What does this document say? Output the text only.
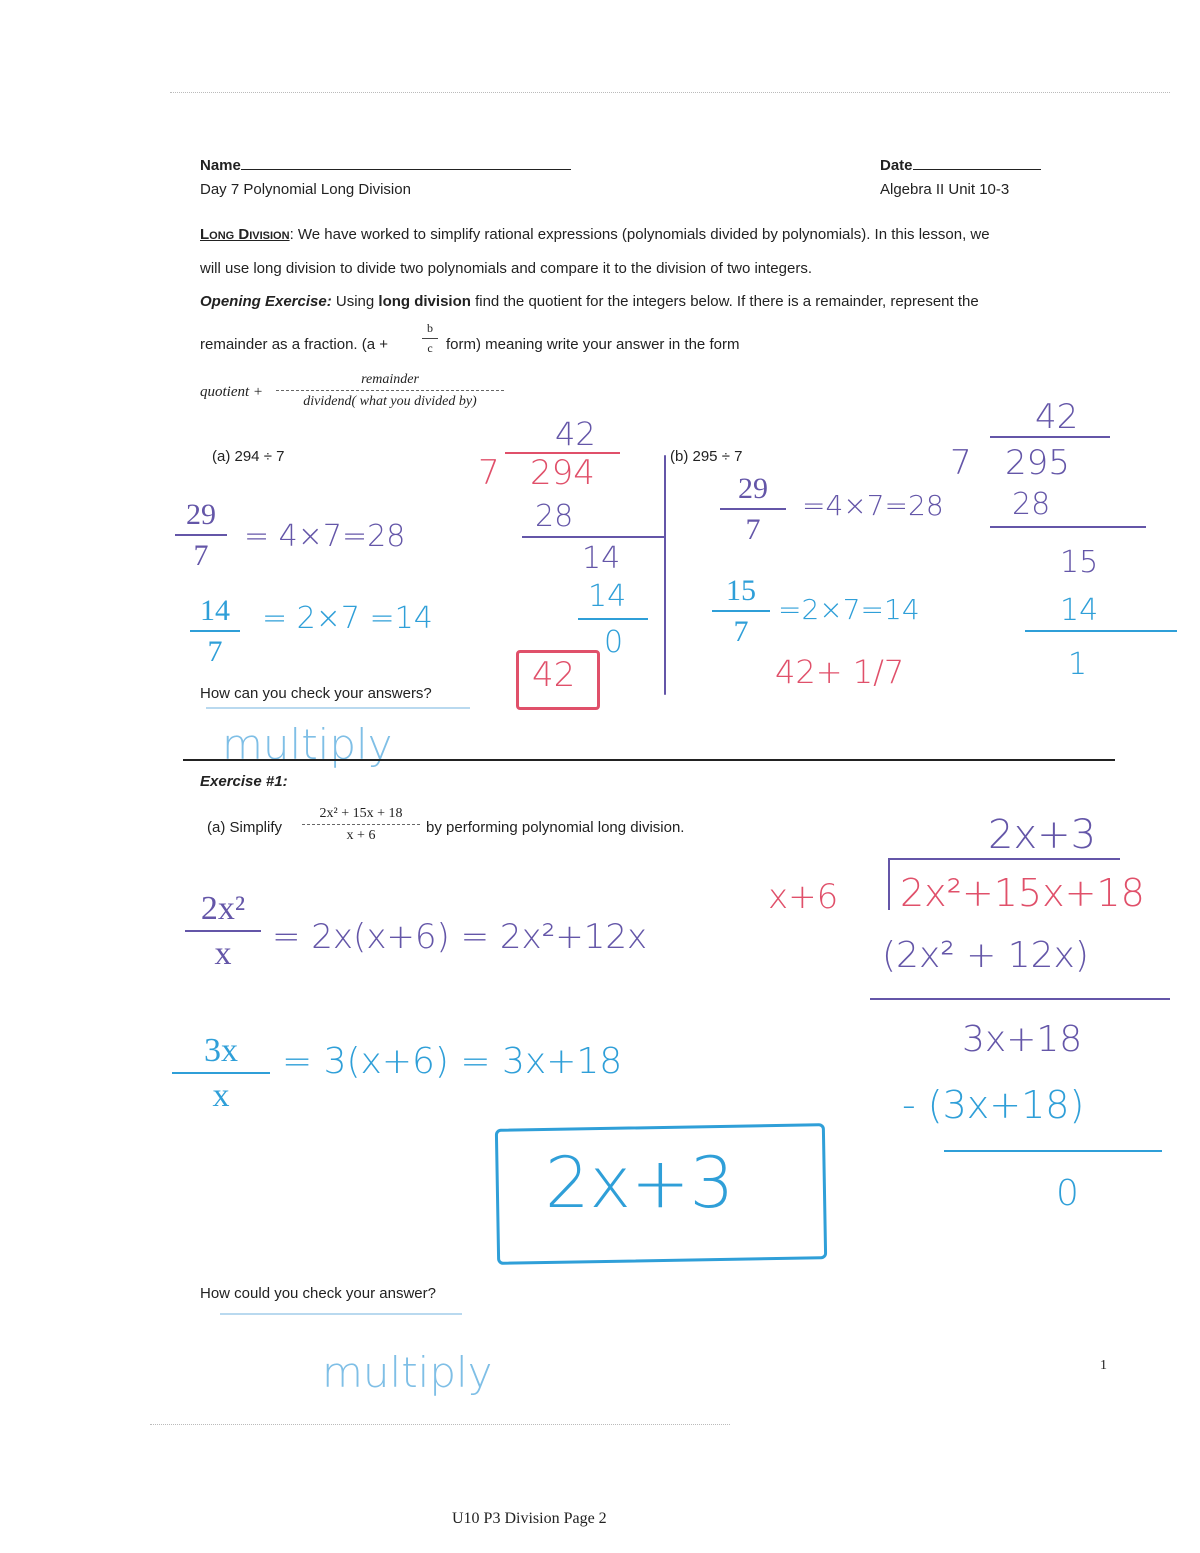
Name
Day 7 Polynomial Long Division
Date
Algebra II Unit 10-3
Long Division: We have worked to simplify rational expressions (polynomials divided by polynomials). In this lesson, we
will use long division to divide two polynomials and compare it to the division of two integers.
Opening Exercise: Using long division find the quotient for the integers below. If there is a remainder, represent the
remainder as a fraction. (a +
b
c form) meaning write your answer in the form
quotient +
remainder
dividend( what you divided by)
(a) 294 ÷ 7
42
7 294
28
14
14
0
42
29
7
= 4×7=28
14
7
= 2×7 =14
How can you check your answers?
multiply
(b) 295 ÷ 7
42
7 295
28
15
14
1
29
7
=4×7=28
15
7
=2×7=14
42+ 1/7
Exercise #1:
(a) Simplify
2x² + 15x + 18
x + 6	by performing polynomial long division.	2x+3
x+6 2x²+15x+18
(2x² + 12x)
3x+18
- (3x+18)
0
2x²
x	= 2x(x+6) = 2x²+12x
3x
x
= 3(x+6) = 3x+18
2x+3
How could you check your answer?
multiply	1
U10 P3 Division Page 2
